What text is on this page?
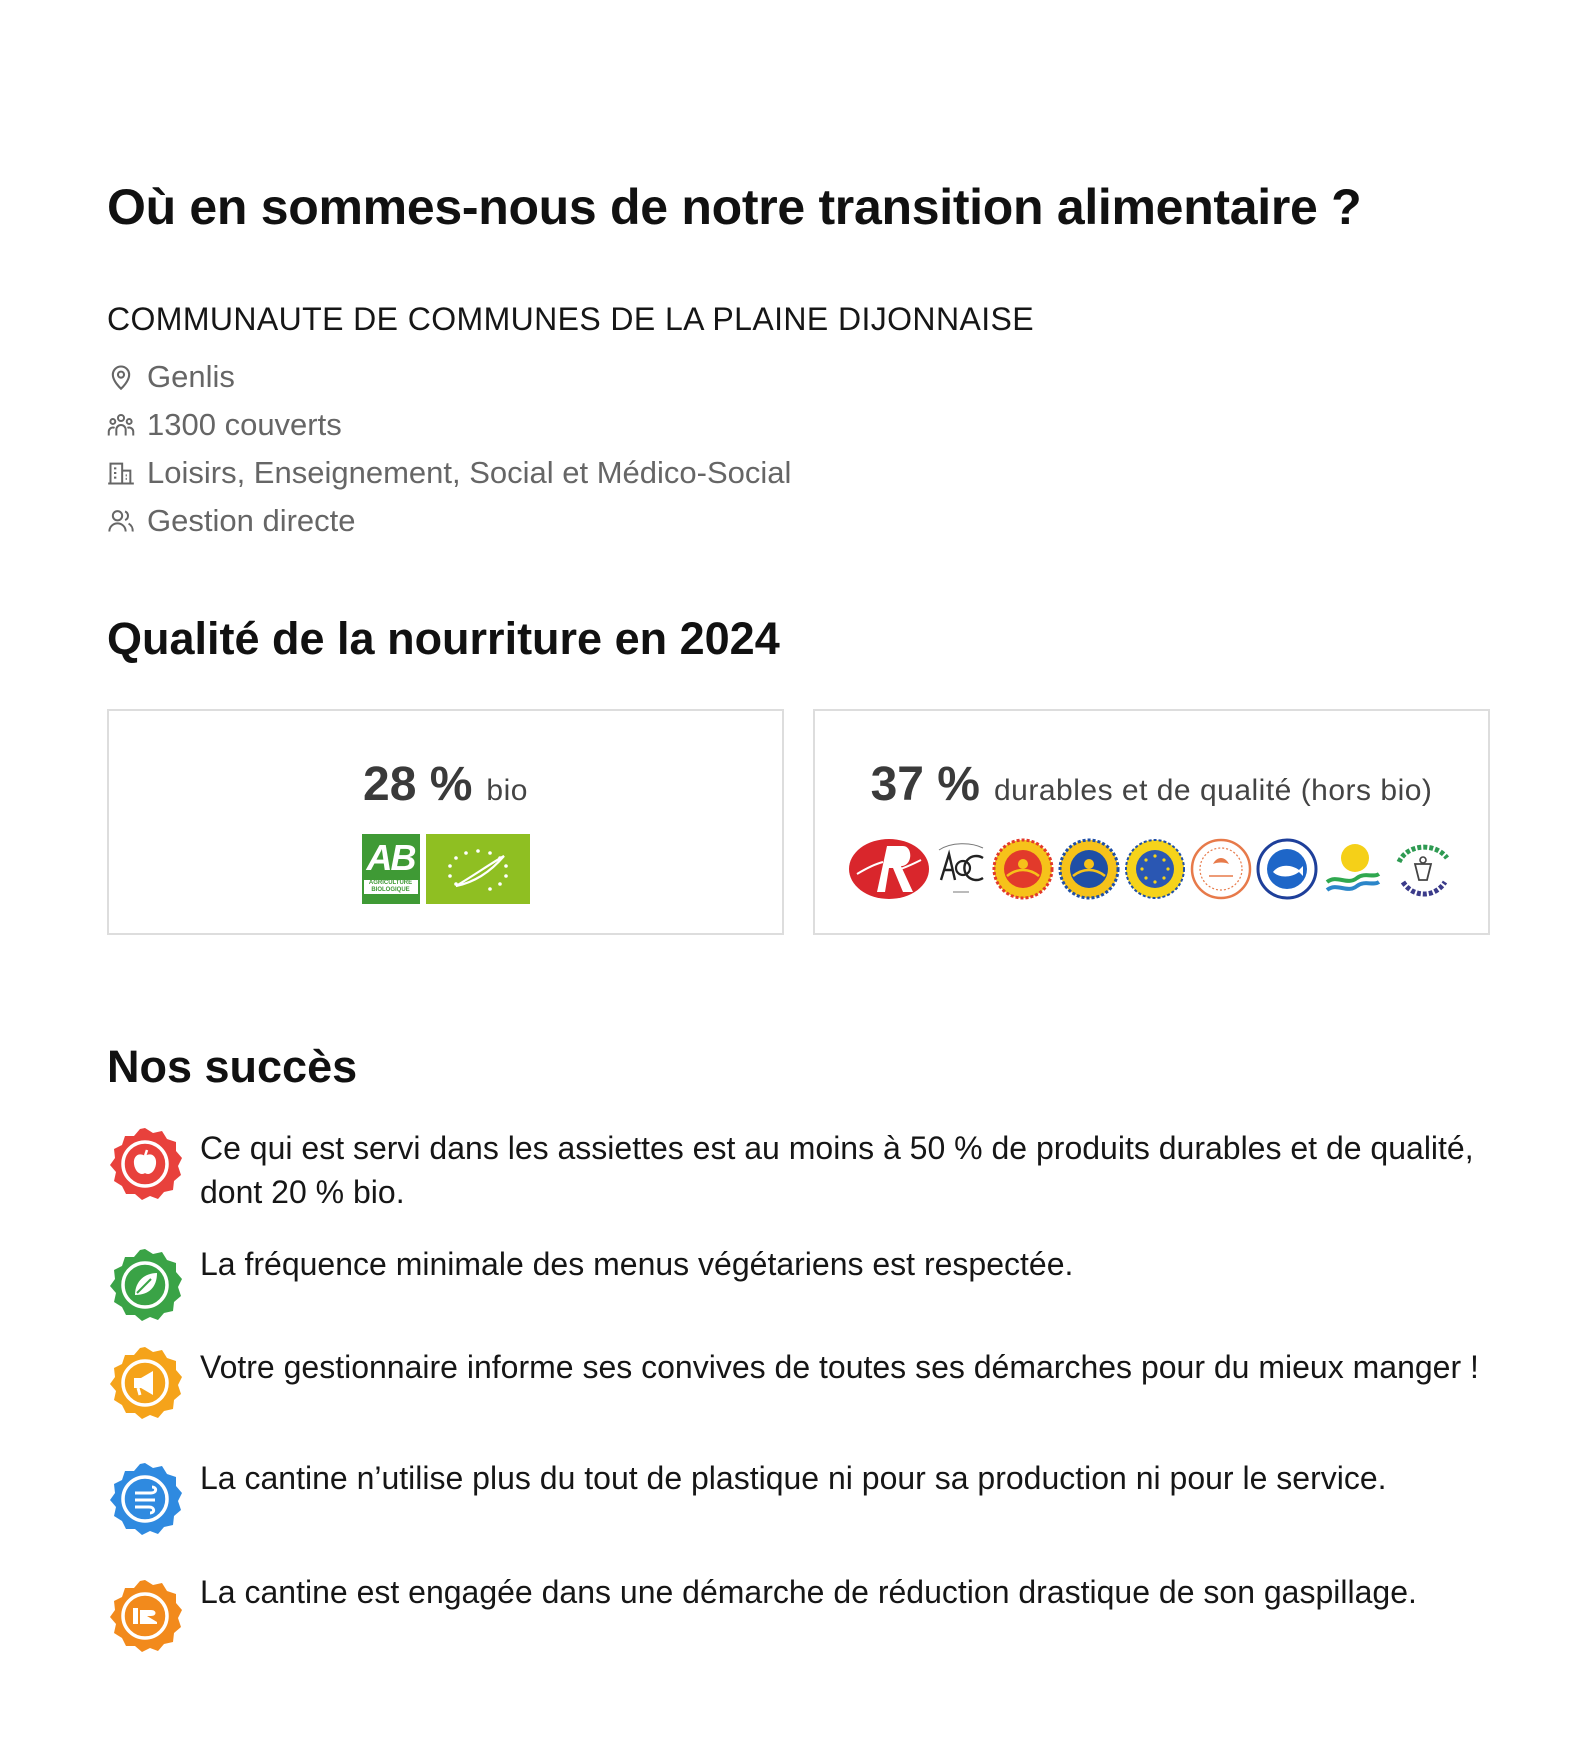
Où en sommes-nous de notre transition alimentaire ?
COMMUNAUTE DE COMMUNES DE LA PLAINE DIJONNAISE
Genlis
1300 couverts
Loisirs, Enseignement, Social et Médico-Social
Gestion directe
Qualité de la nourriture en 2024
28 % bio
AB
AGRICULTURE BIOLOGIQUE
37 % durables et de qualité (hors bio)
Nos succès
Ce qui est servi dans les assiettes est au moins à 50 % de produits durables et de qualité, dont 20 % bio.
La fréquence minimale des menus végétariens est respectée.
Votre gestionnaire informe ses convives de toutes ses démarches pour du mieux manger !
La cantine n’utilise plus du tout de plastique ni pour sa production ni pour le service.
La cantine est engagée dans une démarche de réduction drastique de son gaspillage.
